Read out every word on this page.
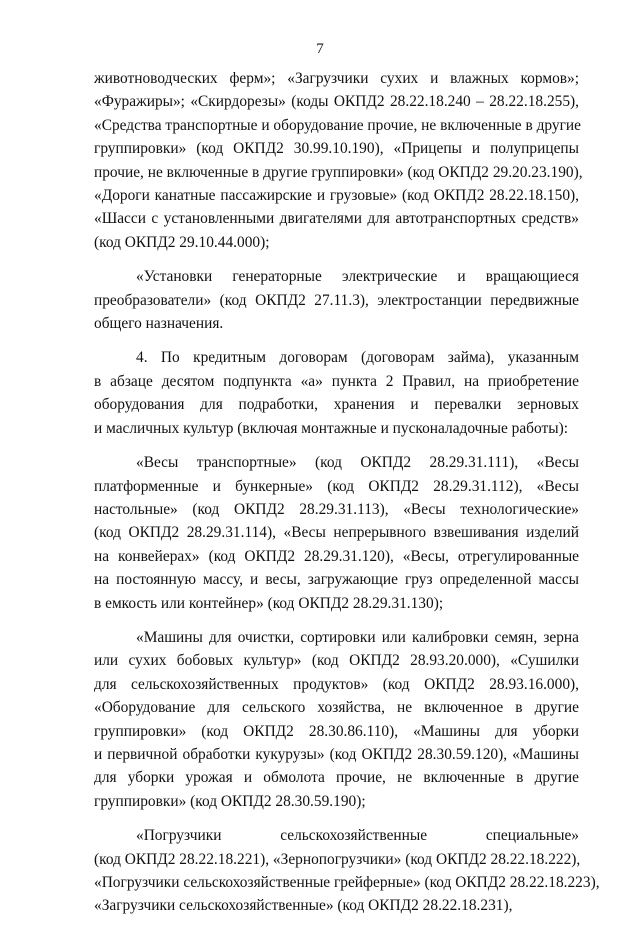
7
животноводческих ферм»; «Загрузчики сухих и влажных кормов»;
«Фуражиры»; «Скирдорезы» (коды ОКПД2 28.22.18.240 – 28.22.18.255),
«Средства транспортные и оборудование прочие, не включенные в другие
группировки» (код ОКПД2 30.99.10.190), «Прицепы и полуприцепы
прочие, не включенные в другие группировки» (код ОКПД2 29.20.23.190),
«Дороги канатные пассажирские и грузовые» (код ОКПД2 28.22.18.150),
«Шасси с установленными двигателями для автотранспортных средств»
(код ОКПД2 29.10.44.000);
«Установки генераторные электрические и вращающиеся
преобразователи» (код ОКПД2 27.11.3), электростанции передвижные
общего назначения.
4. По кредитным договорам (договорам займа), указанным
в абзаце десятом подпункта «а» пункта 2 Правил, на приобретение
оборудования для подработки, хранения и перевалки зерновых
и масличных культур (включая монтажные и пусконаладочные работы):
«Весы транспортные» (код ОКПД2 28.29.31.111), «Весы
платформенные и бункерные» (код ОКПД2 28.29.31.112), «Весы
настольные» (код ОКПД2 28.29.31.113), «Весы технологические»
(код ОКПД2 28.29.31.114), «Весы непрерывного взвешивания изделий
на конвейерах» (код ОКПД2 28.29.31.120), «Весы, отрегулированные
на постоянную массу, и весы, загружающие груз определенной массы
в емкость или контейнер» (код ОКПД2 28.29.31.130);
«Машины для очистки, сортировки или калибровки семян, зерна
или сухих бобовых культур» (код ОКПД2 28.93.20.000), «Сушилки
для сельскохозяйственных продуктов» (код ОКПД2 28.93.16.000),
«Оборудование для сельского хозяйства, не включенное в другие
группировки» (код ОКПД2 28.30.86.110), «Машины для уборки
и первичной обработки кукурузы» (код ОКПД2 28.30.59.120), «Машины
для уборки урожая и обмолота прочие, не включенные в другие
группировки» (код ОКПД2 28.30.59.190);
«Погрузчики сельскохозяйственные специальные»
(код ОКПД2 28.22.18.221), «Зернопогрузчики» (код ОКПД2 28.22.18.222),
«Погрузчики сельскохозяйственные грейферные» (код ОКПД2 28.22.18.223),
«Загрузчики сельскохозяйственные» (код ОКПД2 28.22.18.231),
